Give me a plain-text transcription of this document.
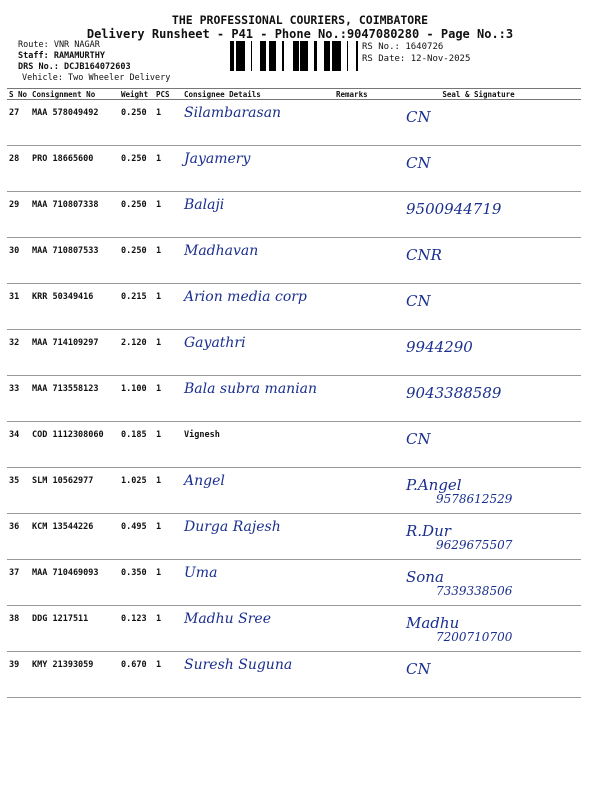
THE PROFESSIONAL COURIERS, COIMBATORE
Delivery Runsheet - P41 - Phone No.:9047080280 - Page No.:3
Route: VNR NAGAR
Staff: RAMAMURTHY
DRS No.: DCJB164072603
Vehicle: Two Wheeler Delivery
RS No.: 1640726
RS Date: 12-Nov-2025
S No	Consignment No	Weight	PCS	Consignee Details	Remarks	Seal & Signature
27	MAA 578049492	0.250	1	Silambarasan		CN
28	PRO 18665600	0.250	1	Jayamery		CN
29	MAA 710807338	0.250	1	Balaji		9500944719
30	MAA 710807533	0.250	1	Madhavan		CNR
31	KRR 50349416	0.215	1	Arion media corp		CN
32	MAA 714109297	2.120	1	Gayathri		9944290
33	MAA 713558123	1.100	1	Bala subra manian		9043388589
34	COD 1112308060	0.185	1	Vignesh		CN
35	SLM 10562977	1.025	1	Angel		P.Angel
9578612529

36	KCM 13544226	0.495	1	Durga Rajesh		R.Dur
9629675507

37	MAA 710469093	0.350	1	Uma		Sona
7339338506

38	DDG 1217511	0.123	1	Madhu Sree		Madhu
7200710700

39	KMY 21393059	0.670	1	Suresh Suguna		CN
